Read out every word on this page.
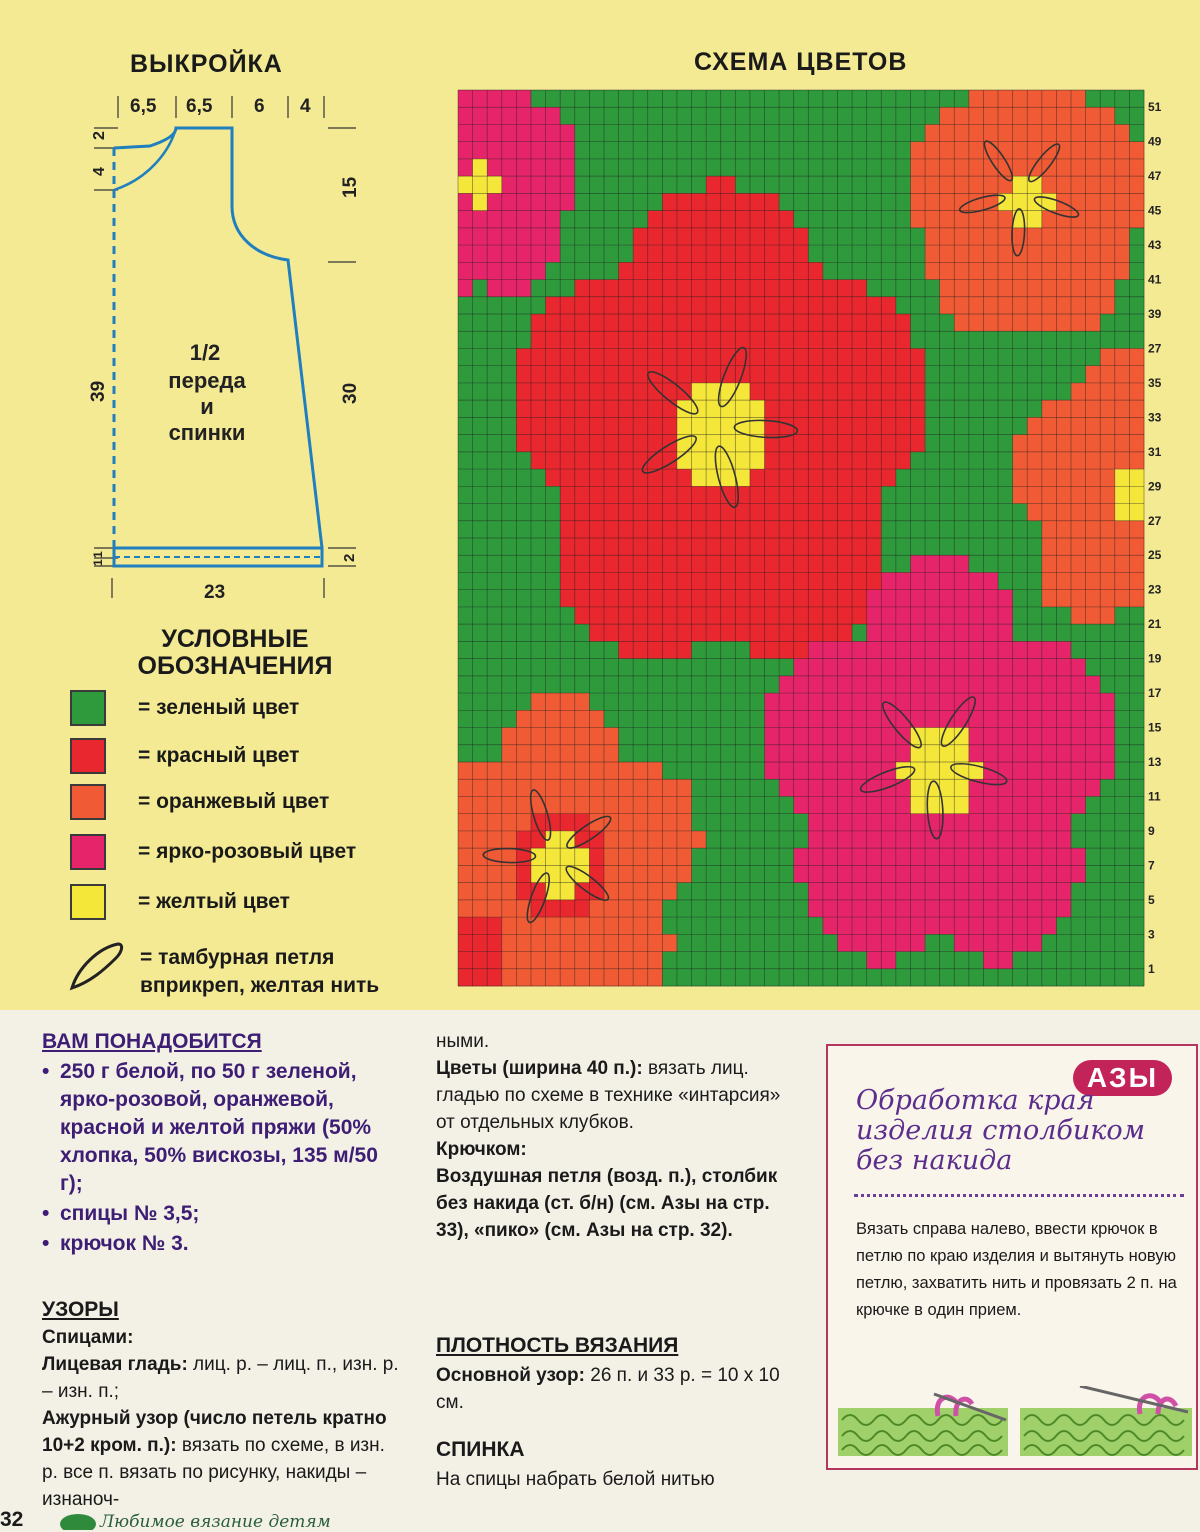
ВЫКРОЙКА
6,5 6,5 6 4
2
4
39
1
1
15
30
2
23
1/2
переда
и
спинки
СХЕМА ЦВЕТОВ
51
49
47
45
43
41
39
27
35
33
31
29
27
25
23
21
19
17
15
13
11
9
7
5
3
1
УСЛОВНЫЕ
ОБОЗНАЧЕНИЯ
= зеленый цвет
= красный цвет
= оранжевый цвет
= ярко-розовый цвет
= желтый цвет
= тамбурная петля
вприкреп, желтая нить
ВАМ ПОНАДОБИТСЯ
• 250 г белой, по 50 г зеленой, ярко-розовой, оранжевой, красной и желтой пряжи (50% хлопка, 50% вискозы, 135 м/50 г);
• спицы № 3,5;
• крючок № 3.
УЗОРЫ
Спицами:
Лицевая гладь: лиц. р. – лиц. п., изн. р. – изн. п.;
Ажурный узор (число петель кратно 10+2 кром. п.): вязать по схеме, в изн. р. все п. вязать по рисунку, накиды – изнаноч-
ными.
Цветы (ширина 40 п.): вязать лиц. гладью по схеме в технике «интарсия» от отдельных клубков.
Крючком:
Воздушная петля (возд. п.), столбик без накида (ст. б/н) (см. Азы на стр. 33), «пико» (см. Азы на стр. 32).
ПЛОТНОСТЬ ВЯЗАНИЯ
Основной узор: 26 п. и 33 р. = 10 х 10 см.
СПИНКА
На спицы набрать белой нитью
АЗЫ
Обработка края изделия столбиком без накида
Вязать справа налево, ввести крючок в петлю по краю изделия и вытянуть новую петлю, захватить нить и провязать 2 п. на крючке в один прием.
32	Любимое вязание детям
